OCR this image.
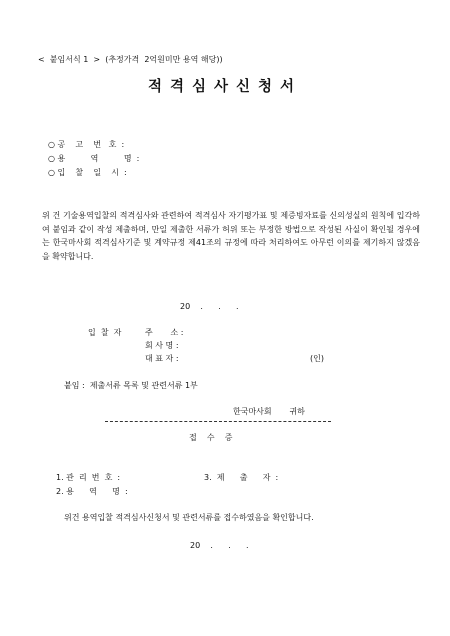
<  붙임서식 1  >  (추정가격  2억원미만 용역 해당))
적격심사신청서
○ 공    고    번   호  :
○ 용          역          명  :
○ 입    찰    일    시  :
위 건 기술용역입찰의 적격심사와 관련하여 적격심사 자기평가표 및 제증빙자료를 신의성실의 원칙에 입각하여 붙임과 같이 작성 제출하며, 만일 제출한 서류가 허위 또는 부정한 방법으로 작성된 사실이 확인될 경우에는 한국마사회 적격심사기준 및 계약규정 제41조의 규정에 따라 처리하여도 아무런 이의를 제기하지 않겠음을 확약합니다.
20    .      .      .
입  찰  자	주       소 :
회 사 명 :
대 표 자 :	(인)
붙임 :  제출서류 목록 및 관련서류 1부
한국마사회       귀하
접    수    증
1. 관  리  번  호  :	3.  제      출      자  :
2. 용      역      명  :
위건 용역입찰 적격심사신청서 및 관련서류를 접수하였음을 확인합니다.
20    .      .      .
